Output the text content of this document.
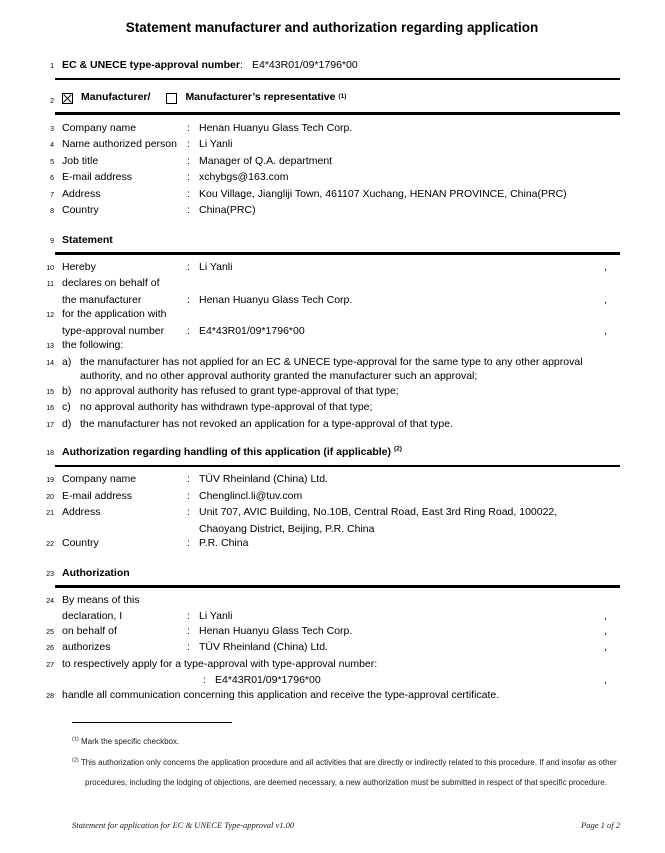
Statement manufacturer and authorization regarding application
1 EC & UNECE type-approval number : E4*43R01/09*1796*00
2	Manufacturer/	Manufacturer’s representative (1)
3 Company name	: Henan Huanyu Glass Tech Corp.
4 Name authorized person : Li Yanli
5 Job title	: Manager of Q.A. department
6 E-mail address	: xchybgs@163.com
7 Address	: Kou Village, Jiangliji Town, 461107 Xuchang, HENAN PROVINCE, China(PRC)
8 Country	: China(PRC)
9 Statement
10 Hereby	: Li Yanli	,
11 declares on behalf of
the manufacturer	: Henan Huanyu Glass Tech Corp.	,
12 for the application with
type-approval number	: E4*43R01/09*1796*00	,
13 the following:
14 a) the manufacturer has not applied for an EC & UNECE type-approval for the same type to any other approval authority, and no other approval authority granted the manufacturer such an approval;
15 b) no approval authority has refused to grant type-approval of that type;
16 c) no approval authority has withdrawn type-approval of that type;
17 d) the manufacturer has not revoked an application for a type-approval of that type.
18 Authorization regarding handling of this application (if applicable) $^{(2)}$
19 Company name	: TÜV Rheinland (China) Ltd.
20 E-mail address	: Chenglincl.li@tuv.com
21 Address	: Unit 707, AVIC Building, No.10B, Central Road, East 3rd Ring Road, 100022,
Chaoyang District, Beijing, P.R. China
22 Country	: P.R. China
23 Authorization
24 By means of this
declaration, I	: Li Yanli	,
25 on behalf of	: Henan Huanyu Glass Tech Corp.	,
26 authorizes	: TÜV Rheinland (China) Ltd.	,
27 to respectively apply for a type-approval with type-approval number:
: E4*43R01/09*1796*00	,
28 handle all communication concerning this application and receive the type-approval certificate.
$^{(1)}$ Mark the specific checkbox.
$^{(2)}$ This authorization only concerns the application procedure and all activities that are directly or indirectly related to this procedure. If and insofar as other procedures, including the lodging of objections, are deemed necessary, a new authorization must be submitted in respect of that specific procedure.
Statement for application for EC & UNECE Type-approval v1.00	Page 1 of 2
